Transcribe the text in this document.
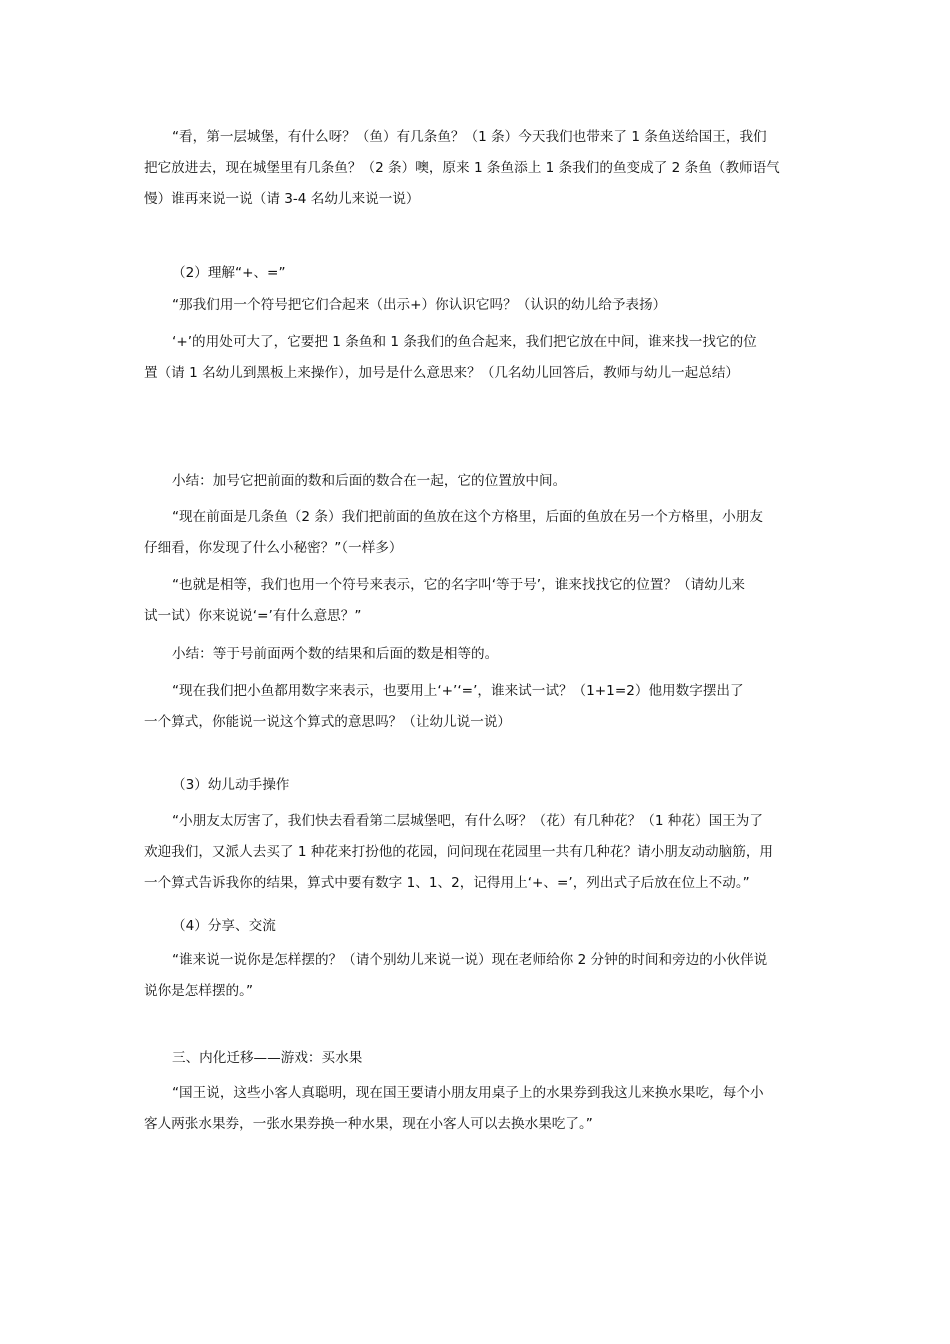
“看，第一层城堡，有什么呀？（鱼）有几条鱼？（1 条）今天我们也带来了 1 条鱼送给国王，我们
把它放进去，现在城堡里有几条鱼？（2 条）噢，原来 1 条鱼添上 1 条我们的鱼变成了 2 条鱼（教师语气
慢）谁再来说一说（请 3-4 名幼儿来说一说）

（2）理解“+、=”

“那我们用一个符号把它们合起来（出示+）你认识它吗？（认识的幼儿给予表扬）

‘+’的用处可大了，它要把 1 条鱼和 1 条我们的鱼合起来，我们把它放在中间，谁来找一找它的位
置（请 1 名幼儿到黑板上来操作），加号是什么意思来？（几名幼儿回答后，教师与幼儿一起总结）

小结：加号它把前面的数和后面的数合在一起，它的位置放中间。

“现在前面是几条鱼（2 条）我们把前面的鱼放在这个方格里，后面的鱼放在另一个方格里，小朋友
仔细看，你发现了什么小秘密？”（一样多）

“也就是相等，我们也用一个符号来表示，它的名字叫‘等于号’，谁来找找它的位置？（请幼儿来
试一试）你来说说‘=’有什么意思？”

小结：等于号前面两个数的结果和后面的数是相等的。

“现在我们把小鱼都用数字来表示，也要用上‘+’‘=’，谁来试一试？（1+1=2）他用数字摆出了
一个算式，你能说一说这个算式的意思吗？（让幼儿说一说）

（3）幼儿动手操作

“小朋友太厉害了，我们快去看看第二层城堡吧，有什么呀？（花）有几种花？（1 种花）国王为了
欢迎我们，又派人去买了 1 种花来打扮他的花园，问问现在花园里一共有几种花？请小朋友动动脑筋，用
一个算式告诉我你的结果，算式中要有数字 1、1、2，记得用上‘+、=’，列出式子后放在位上不动。”

（4）分享、交流

“谁来说一说你是怎样摆的？（请个别幼儿来说一说）现在老师给你 2 分钟的时间和旁边的小伙伴说
说你是怎样摆的。”

三、内化迁移——游戏：买水果

“国王说，这些小客人真聪明，现在国王要请小朋友用桌子上的水果券到我这儿来换水果吃，每个小
客人两张水果券，一张水果券换一种水果，现在小客人可以去换水果吃了。”
